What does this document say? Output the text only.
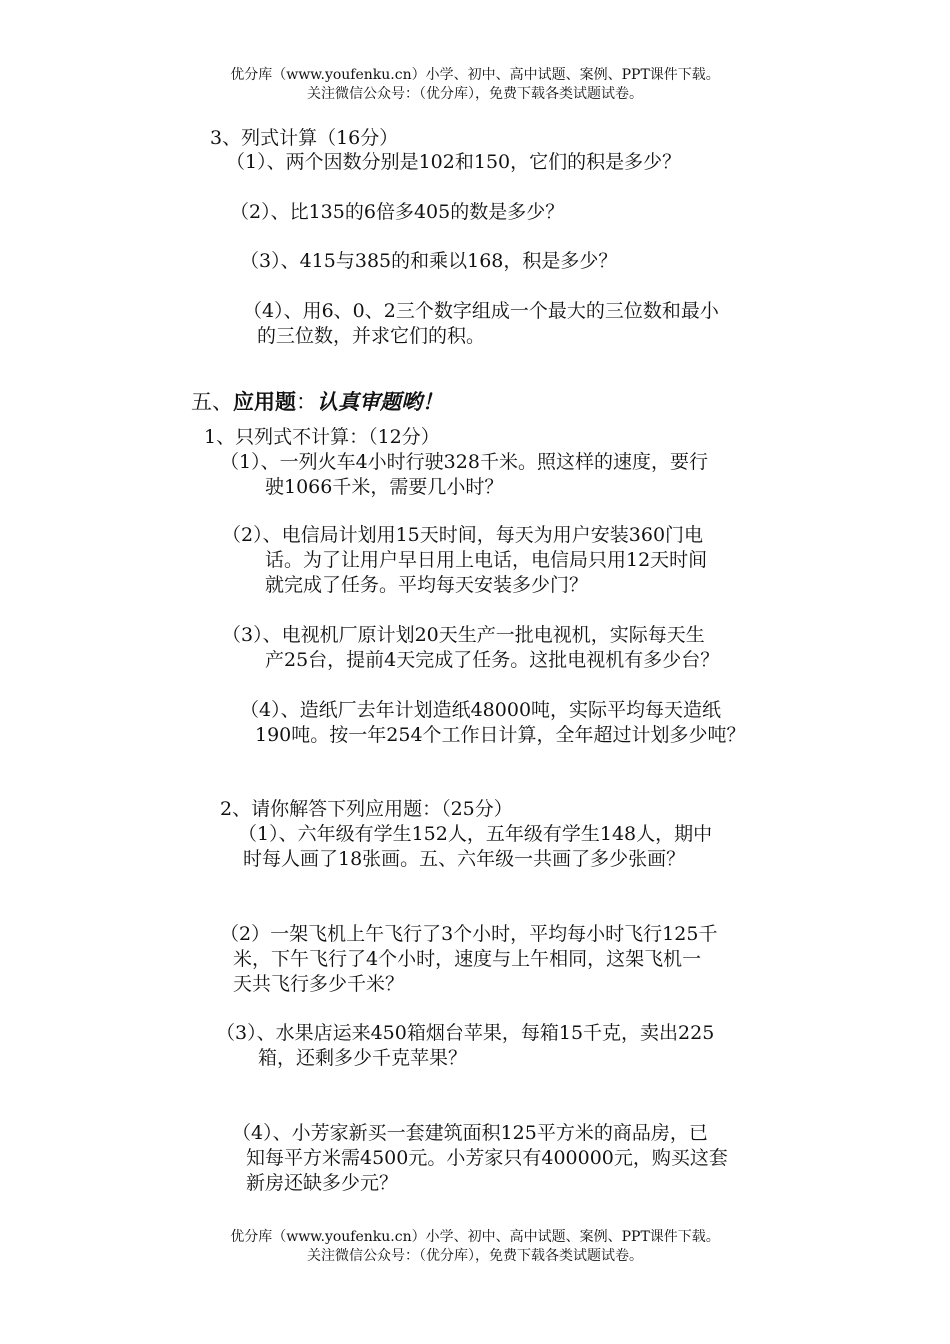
优分库（www.youfenku.cn）小学、初中、高中试题、案例、PPT课件下载。
关注微信公众号：（优分库），免费下载各类试题试卷。
3、列式计算（16分）
（1）、两个因数分别是102和150，它们的积是多少？
（2）、比135的6倍多405的数是多少？
（3）、415与385的和乘以168，积是多少？
（4）、用6、0、2三个数字组成一个最大的三位数和最小
的三位数，并求它们的积。
五、应用题：认真审题哟！
1、只列式不计算：（12分）
（1）、一列火车4小时行驶328千米。照这样的速度，要行
驶1066千米，需要几小时？
（2）、电信局计划用15天时间，每天为用户安装360门电
话。为了让用户早日用上电话，电信局只用12天时间
就完成了任务。平均每天安装多少门？
（3）、电视机厂原计划20天生产一批电视机，实际每天生
产25台，提前4天完成了任务。这批电视机有多少台？
（4）、造纸厂去年计划造纸48000吨，实际平均每天造纸
190吨。按一年254个工作日计算，全年超过计划多少吨？
2、请你解答下列应用题：（25分）
（1）、六年级有学生152人，五年级有学生148人，期中
时每人画了18张画。五、六年级一共画了多少张画？
（2）一架飞机上午飞行了3个小时，平均每小时飞行125千
米，下午飞行了4个小时，速度与上午相同，这架飞机一
天共飞行多少千米？
（3）、水果店运来450箱烟台苹果，每箱15千克，卖出225
箱，还剩多少千克苹果？
（4）、小芳家新买一套建筑面积125平方米的商品房，已
知每平方米需4500元。小芳家只有400000元，购买这套
新房还缺多少元？
优分库（www.youfenku.cn）小学、初中、高中试题、案例、PPT课件下载。
关注微信公众号：（优分库），免费下载各类试题试卷。
